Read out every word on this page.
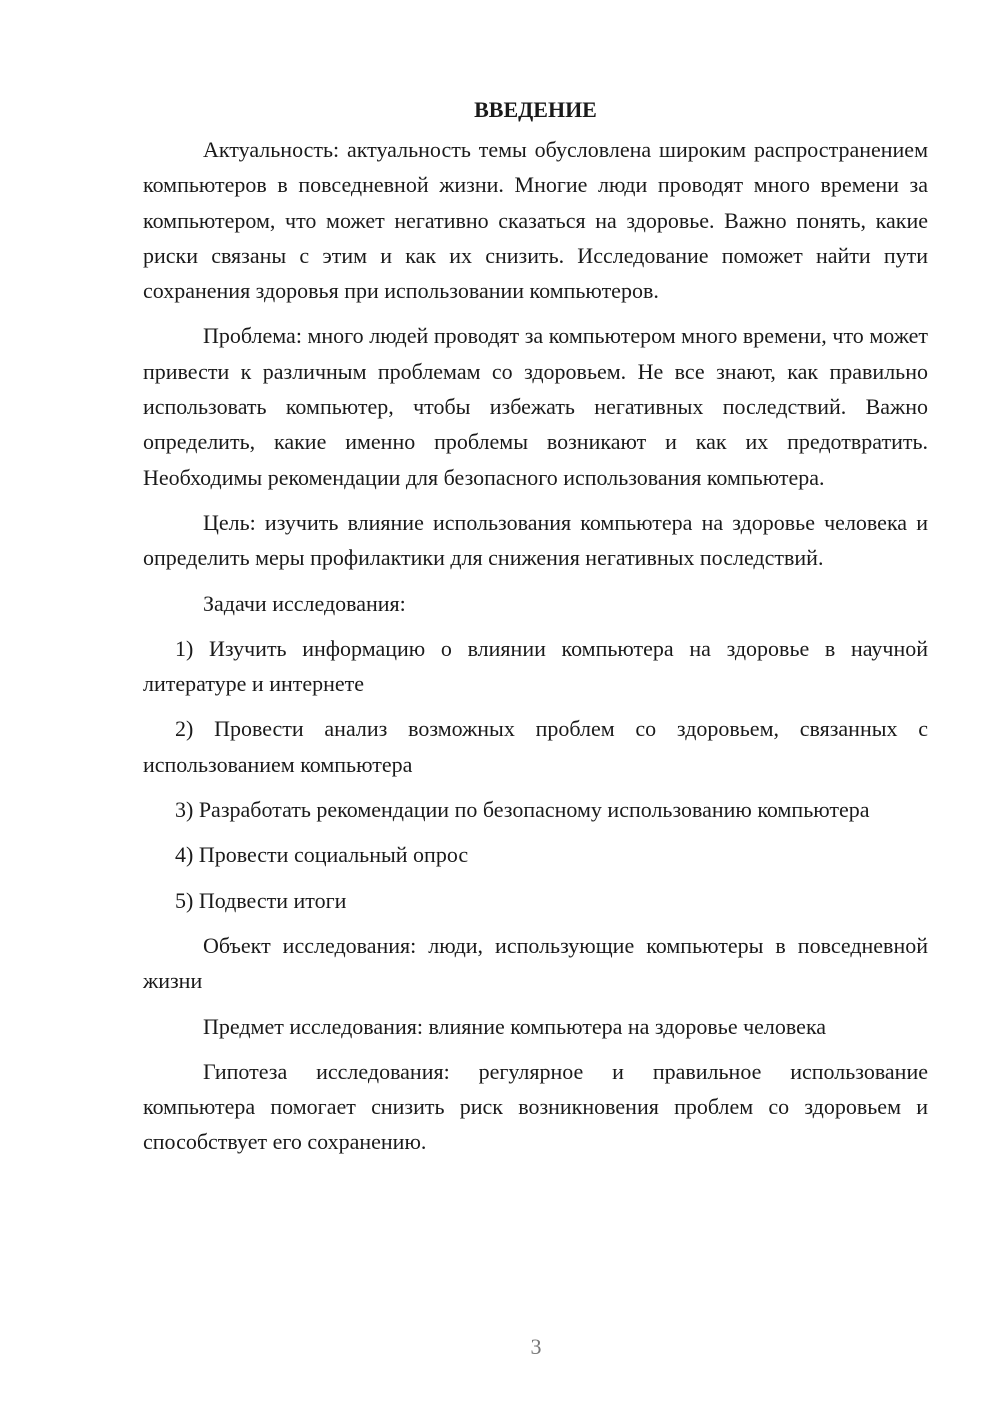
ВВЕДЕНИЕ

Актуальность: актуальность темы обусловлена широким распространением компьютеров в повседневной жизни. Многие люди проводят много времени за компьютером, что может негативно сказаться на здоровье. Важно понять, какие риски связаны с этим и как их снизить. Исследование поможет найти пути сохранения здоровья при использовании компьютеров.

Проблема: много людей проводят за компьютером много времени, что может привести к различным проблемам со здоровьем. Не все знают, как правильно использовать компьютер, чтобы избежать негативных последствий. Важно определить, какие именно проблемы возникают и как их предотвратить. Необходимы рекомендации для безопасного использования компьютера.

Цель: изучить влияние использования компьютера на здоровье человека и определить меры профилактики для снижения негативных последствий.

Задачи исследования:

1) Изучить информацию о влиянии компьютера на здоровье в научной литературе и интернете

2) Провести анализ возможных проблем со здоровьем, связанных с использованием компьютера

3) Разработать рекомендации по безопасному использованию компьютера

4) Провести социальный опрос

5) Подвести итоги

Объект исследования: люди, использующие компьютеры в повседневной жизни

Предмет исследования: влияние компьютера на здоровье человека

Гипотеза исследования: регулярное и правильное использование компьютера помогает снизить риск возникновения проблем со здоровьем и способствует его сохранению.

3
